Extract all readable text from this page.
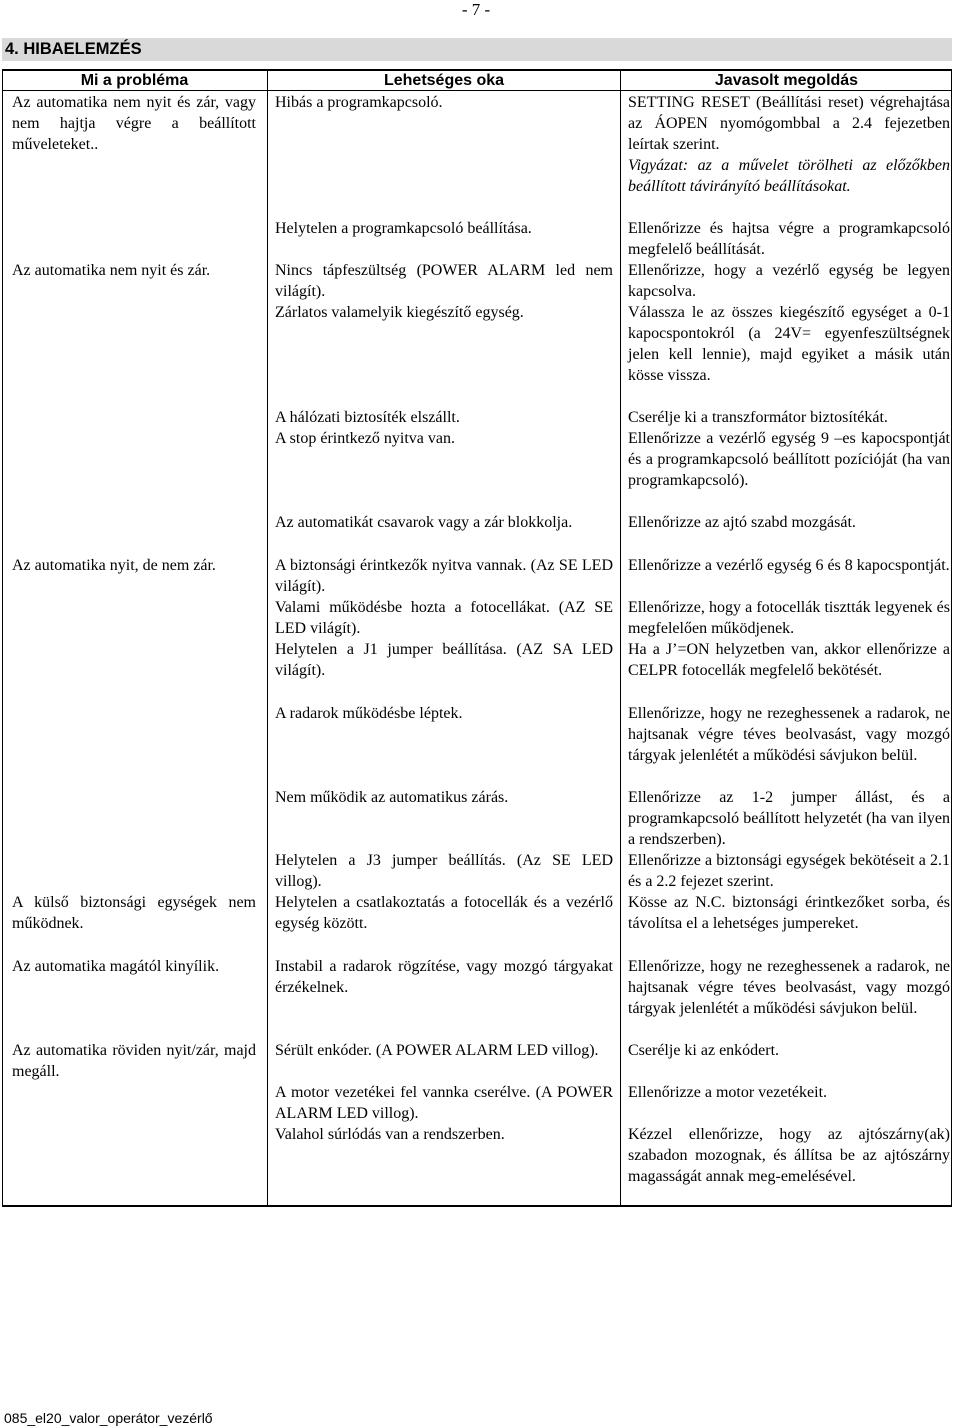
- 7 -
4. HIBAELEMZÉS
Mi a probléma	Lehetséges oka	Javasolt megoldás
Az automatika nem nyit és zár, vagy nem hajtja végre a beállított műveleteket..
Az automatika nem nyit és zár.
Az automatika nyit, de nem zár.
A külső biztonsági egységek nem működnek.
Az automatika magától kinyílik.
Az automatika röviden nyit/zár, majd megáll.
Hibás a programkapcsoló.
Helytelen a programkapcsoló beállítása.
Nincs tápfeszültség (POWER ALARM led nem világít).
Zárlatos valamelyik kiegészítő egység.
A hálózati biztosíték elszállt.
A stop érintkező nyitva van.
Az automatikát csavarok vagy a zár blokkolja.
A biztonsági érintkezők nyitva vannak. (Az SE LED világít).
Valami működésbe hozta a fotocellákat. (AZ SE LED világít).
Helytelen a J1 jumper beállítása. (AZ SA LED világít).
A radarok működésbe léptek.
Nem működik az automatikus zárás.
Helytelen a J3 jumper beállítás. (Az SE LED villog).
Helytelen a csatlakoztatás a fotocellák és a vezérlő egység között.
Instabil a radarok rögzítése, vagy mozgó tárgyakat érzékelnek.
Sérült enkóder. (A POWER ALARM LED villog).
A motor vezetékei fel vannka cserélve. (A POWER ALARM LED villog).
Valahol súrlódás van a rendszerben.
SETTING RESET (Beállítási reset) végrehajtása az ÁOPEN nyomógombbal a 2.4 fejezetben leírtak szerint.
Vigyázat: az a művelet törölheti az előzőkben beállított távirányító beállításokat.
Ellenőrizze és hajtsa végre a programkapcsoló megfelelő beállítását.
Ellenőrizze, hogy a vezérlő egység be legyen kapcsolva.
Válassza le az összes kiegészítő egységet a 0-1 kapocspontokról (a 24V= egyenfeszültségnek jelen kell lennie), majd egyiket a másik után kösse vissza.
Cserélje ki a transzformátor biztosítékát.
Ellenőrizze a vezérlő egység 9 –es kapocspontját és a programkapcsoló beállított pozícióját (ha van programkapcsoló).
Ellenőrizze az ajtó szabd mozgását.
Ellenőrizze a vezérlő egység 6 és 8 kapocspontját.
Ellenőrizze, hogy a fotocellák tisztták legyenek és megfelelően működjenek.
Ha a J’=ON helyzetben van, akkor ellenőrizze a CELPR fotocellák megfelelő bekötését.
Ellenőrizze, hogy ne rezeghessenek a radarok, ne hajtsanak végre téves beolvasást, vagy mozgó tárgyak jelenlétét a működési sávjukon belül.
Ellenőrizze az 1-2 jumper állást, és a programkapcsoló beállított helyzetét (ha van ilyen a rendszerben).
Ellenőrizze a biztonsági egységek bekötéseit a 2.1 és a 2.2 fejezet szerint.
Kösse az N.C. biztonsági érintkezőket sorba, és távolítsa el a lehetséges jumpereket.
Ellenőrizze, hogy ne rezeghessenek a radarok, ne hajtsanak végre téves beolvasást, vagy mozgó tárgyak jelenlétét a működési sávjukon belül.
Cserélje ki az enkódert.
Ellenőrizze a motor vezetékeit.
Kézzel ellenőrizze, hogy az ajtószárny(ak) szabadon mozognak, és állítsa be az ajtószárny magasságát annak meg-emelésével.
085_el20_valor_operátor_vezérlő
